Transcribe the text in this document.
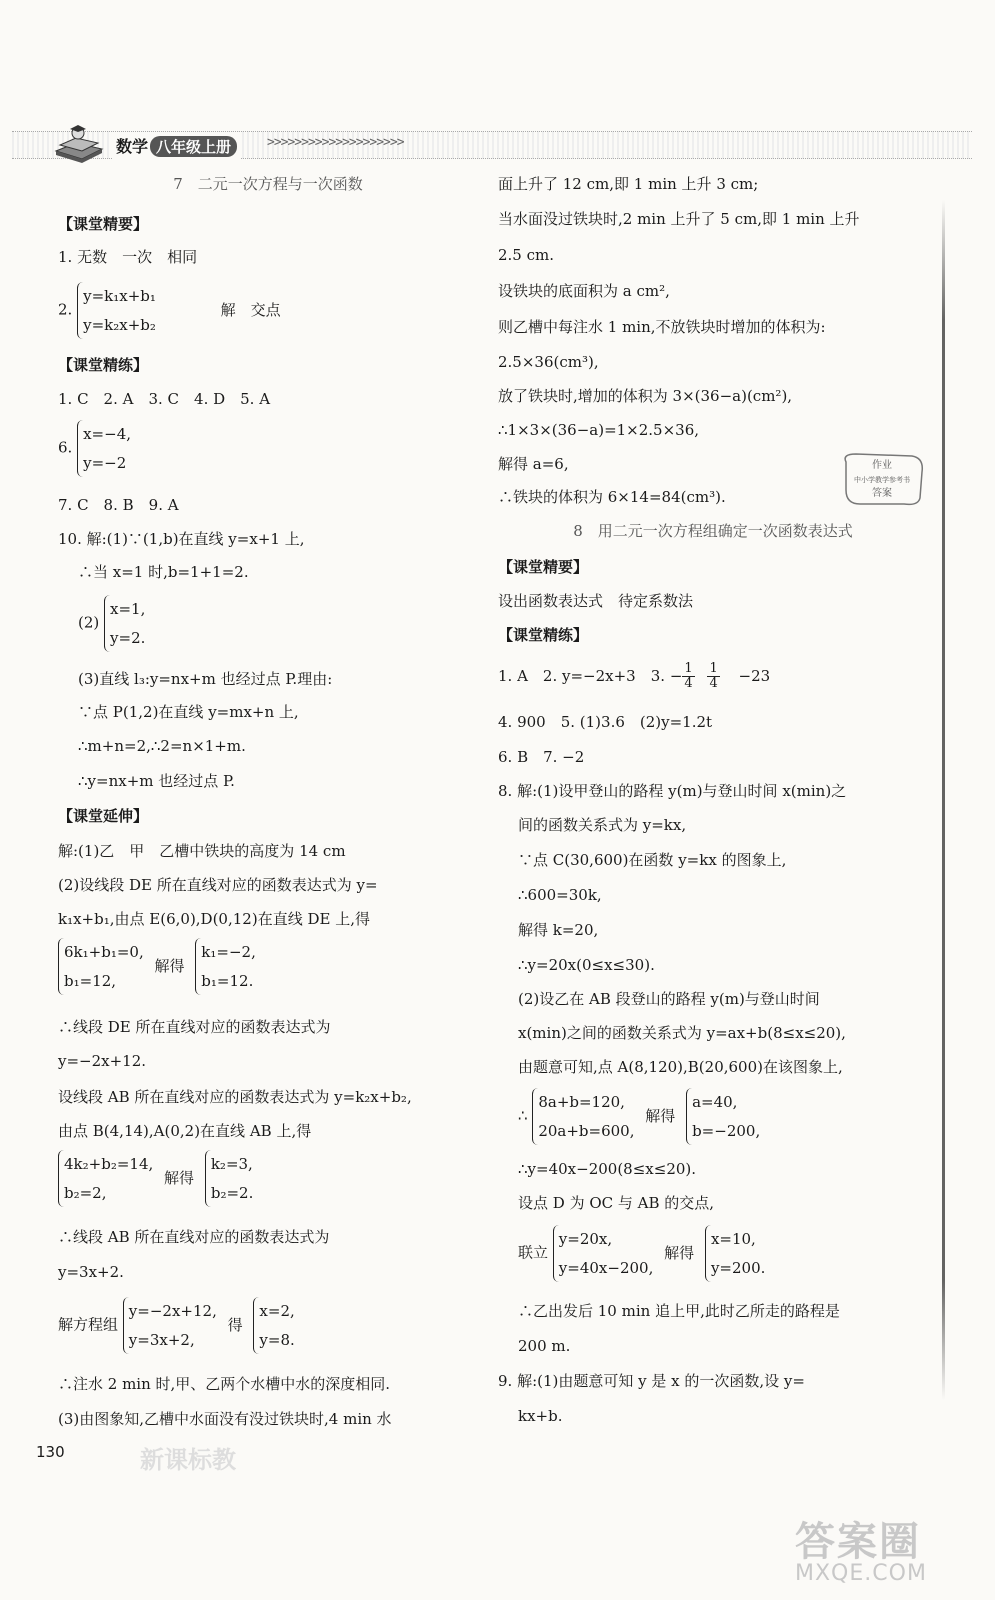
数学 八年级上册	>>>>>>>>>>>>>>>>>>>>
7　二元一次方程与一次函数
【课堂精要】
1. 无数　一次　相同
2. y=k₁x+b₁
y=k₂x+b₂ 解　交点
【课堂精练】
1. C　2. A　3. C　4. D　5. A
6. x=−4,
y=−2
7. C　8. B　9. A
10. 解:(1)∵(1,b)在直线 y=x+1 上,
∴当 x=1 时,b=1+1=2.
(2) x=1,
y=2.
(3)直线 l₃:y=nx+m 也经过点 P.理由:
∵点 P(1,2)在直线 y=mx+n 上,
∴m+n=2,∴2=n×1+m.
∴y=nx+m 也经过点 P.
【课堂延伸】
解:(1)乙　甲　乙槽中铁块的高度为 14 cm
(2)设线段 DE 所在直线对应的函数表达式为 y=
k₁x+b₁,由点 E(6,0),D(0,12)在直线 DE 上,得
6k₁+b₁=0,
b₁=12, 解得 k₁=−2,
b₁=12.
∴线段 DE 所在直线对应的函数表达式为
y=−2x+12.
设线段 AB 所在直线对应的函数表达式为 y=k₂x+b₂,
由点 B(4,14),A(0,2)在直线 AB 上,得
4k₂+b₂=14,
b₂=2, 解得 k₂=3,
b₂=2.
∴线段 AB 所在直线对应的函数表达式为
y=3x+2.
解方程组 y=−2x+12,
y=3x+2, 得 x=2,
y=8.
∴注水 2 min 时,甲、乙两个水槽中水的深度相同.
(3)由图象知,乙槽中水面没有没过铁块时,4 min 水
面上升了 12 cm,即 1 min 上升 3 cm;
当水面没过铁块时,2 min 上升了 5 cm,即 1 min 上升
2.5 cm.
设铁块的底面积为 a cm²,
则乙槽中每注水 1 min,不放铁块时增加的体积为:
2.5×36(cm³),
放了铁块时,增加的体积为 3×(36−a)(cm²),
∴1×3×(36−a)=1×2.5×36,
解得 a=6,
∴铁块的体积为 6×14=84(cm³).
8　用二元一次方程组确定一次函数表达式
【课堂精要】
设出函数表达式　待定系数法
【课堂精练】
1. A　2. y=−2x+3　3. − $\frac{1}{4} \frac{1}{4} -23$
4. 900　5. (1)3.6　(2)y=1.2t
6. B　7. −2
8. 解:(1)设甲登山的路程 y(m)与登山时间 x(min)之
间的函数关系式为 y=kx,
∵点 C(30,600)在函数 y=kx 的图象上,
∴600=30k,
解得 k=20,
∴y=20x(0≤x≤30).
(2)设乙在 AB 段登山的路程 y(m)与登山时间
x(min)之间的函数关系式为 y=ax+b(8≤x≤20),
由题意可知,点 A(8,120),B(20,600)在该图象上,
∴ 8a+b=120,
20a+b=600, 解得 a=40,
b=−200,
∴y=40x−200(8≤x≤20).
设点 D 为 OC 与 AB 的交点,
联立 y=20x,
y=40x−200, 解得 x=10,
y=200.
∴乙出发后 10 min 追上甲,此时乙所走的路程是
200 m.
9. 解:(1)由题意可知 y 是 x 的一次函数,设 y=
kx+b.
作业
中小学教学参考书
答案
130	新课标教
答案圈
MXQE.COM
